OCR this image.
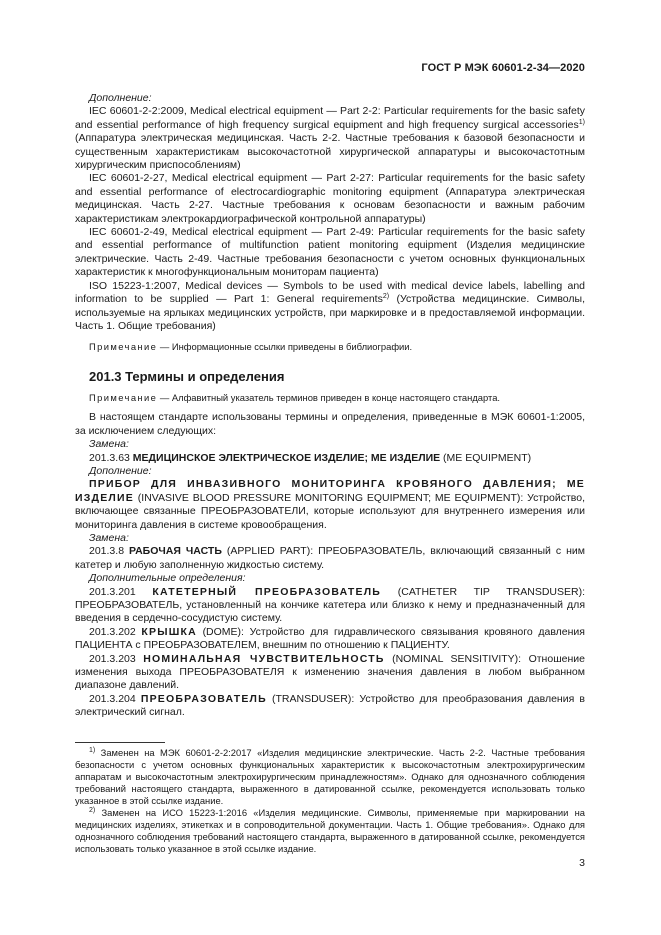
ГОСТ Р МЭК 60601-2-34—2020

Дополнение:

IEC 60601-2-2:2009, Medical electrical equipment — Part 2-2: Particular requirements for the basic safety and essential performance of high frequency surgical equipment and high frequency surgical accessories$^{1)}$ (Аппаратура электрическая медицинская. Часть 2-2. Частные требования к базовой безопасности и существенным характеристикам высокочастотной хирургической аппаратуры и высокочастотным хирургическим приспособлениям)

IEC 60601-2-27, Medical electrical equipment — Part 2-27: Particular requirements for the basic safety and essential performance of electrocardiographic monitoring equipment (Аппаратура электрическая медицинская. Часть 2-27. Частные требования к основам безопасности и важным рабочим характеристикам электрокардиографической контрольной аппаратуры)

IEC 60601-2-49, Medical electrical equipment — Part 2-49: Particular requirements for the basic safety and essential performance of multifunction patient monitoring equipment (Изделия медицинские электрические. Часть 2-49. Частные требования безопасности с учетом основных функциональных характеристик к многофункциональным мониторам пациента)

ISO 15223-1:2007, Medical devices — Symbols to be used with medical device labels, labelling and information to be supplied — Part 1: General requirements$^{2)}$ (Устройства медицинские. Символы, используемые на ярлыках медицинских устройств, при маркировке и в предоставляемой информации. Часть 1. Общие требования)

Примечание — Информационные ссылки приведены в библиографии.

201.3 Термины и определения

Примечание — Алфавитный указатель терминов приведен в конце настоящего стандарта.

В настоящем стандарте использованы термины и определения, приведенные в МЭК 60601-1:2005, за исключением следующих:

Замена:

201.3.63 МЕДИЦИНСКОЕ ЭЛЕКТРИЧЕСКОЕ ИЗДЕЛИЕ; ME ИЗДЕЛИЕ (ME EQUIPMENT)

Дополнение:

ПРИБОР ДЛЯ ИНВАЗИВНОГО МОНИТОРИНГА КРОВЯНОГО ДАВЛЕНИЯ; ME ИЗДЕЛИЕ (INVASIVE BLOOD PRESSURE MONITORING EQUIPMENT; ME EQUIPMENT): Устройство, включающее связанные ПРЕОБРАЗОВАТЕЛИ, которые используют для внутреннего измерения или мониторинга давления в системе кровообращения.

Замена:

201.3.8 РАБОЧАЯ ЧАСТЬ (APPLIED PART): ПРЕОБРАЗОВАТЕЛЬ, включающий связанный с ним катетер и любую заполненную жидкостью систему.

Дополнительные определения:

201.3.201 КАТЕТЕРНЫЙ ПРЕОБРАЗОВАТЕЛЬ (CATHETER TIP TRANSDUSER): ПРЕОБРАЗОВАТЕЛЬ, установленный на кончике катетера или близко к нему и предназначенный для введения в сердечно-сосудистую систему.

201.3.202 КРЫШКА (DOME): Устройство для гидравлического связывания кровяного давления ПАЦИЕНТА с ПРЕОБРАЗОВАТЕЛЕМ, внешним по отношению к ПАЦИЕНТУ.

201.3.203 НОМИНАЛЬНАЯ ЧУВСТВИТЕЛЬНОСТЬ (NOMINAL SENSITIVITY): Отношение изменения выхода ПРЕОБРАЗОВАТЕЛЯ к изменению значения давления в любом выбранном диапазоне давлений.

201.3.204 ПРЕОБРАЗОВАТЕЛЬ (TRANSDUSER): Устройство для преобразования давления в электрический сигнал.

$^{1)}$ Заменен на МЭК 60601-2-2:2017 «Изделия медицинские электрические. Часть 2-2. Частные требования безопасности с учетом основных функциональных характеристик к высокочастотным электрохирургическим аппаратам и высокочастотным электрохирургическим принадлежностям». Однако для однозначного соблюдения требований настоящего стандарта, выраженного в датированной ссылке, рекомендуется использовать только указанное в этой ссылке издание.

$^{2)}$ Заменен на ИСО 15223-1:2016 «Изделия медицинские. Символы, применяемые при маркировании на медицинских изделиях, этикетках и в сопроводительной документации. Часть 1. Общие требования». Однако для однозначного соблюдения требований настоящего стандарта, выраженного в датированной ссылке, рекомендуется использовать только указанное в этой ссылке издание.

3
